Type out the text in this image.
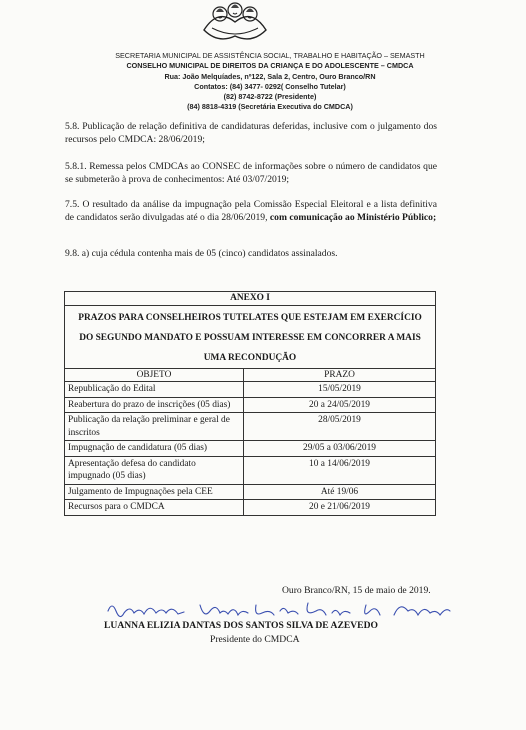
SECRETARIA MUNICIPAL DE ASSISTÊNCIA SOCIAL, TRABALHO E HABITAÇÃO – SEMASTH
CONSELHO MUNICIPAL DE DIREITOS DA CRIANÇA E DO ADOLESCENTE – CMDCA
Rua: João Melquíades, nº122, Sala 2, Centro, Ouro Branco/RN
Contatos: (84) 3477- 0292( Conselho Tutelar)
(82) 8742-8722 (Presidente)
(84) 8818-4319 (Secretária Executiva do CMDCA)
5.8. Publicação de relação definitiva de candidaturas deferidas, inclusive com o julgamento dos recursos pelo CMDCA: 28/06/2019;
5.8.1. Remessa pelos CMDCAs ao CONSEC de informações sobre o número de candidatos que se submeterão à prova de conhecimentos: Até 03/07/2019;
7.5. O resultado da análise da impugnação pela Comissão Especial Eleitoral e a lista definitiva de candidatos serão divulgadas até o dia 28/06/2019, com comunicação ao Ministério Público;
9.8. a) cuja cédula contenha mais de 05 (cinco) candidatos assinalados.
ANEXO I	
PRAZOS PARA CONSELHEIROS TUTELATES QUE ESTEJAM EM EXERCÍCIO DO SEGUNDO MANDATO E POSSUAM INTERESSE EM CONCORRER A MAIS UMA RECONDUÇÃO	
OBJETO	PRAZO
Republicação do Edital	15/05/2019
Reabertura do prazo de inscrições (05 dias)	20 a 24/05/2019
Publicação da relação preliminar e geral de inscritos	28/05/2019
Impugnação de candidatura (05 dias)	29/05 a 03/06/2019
Apresentação defesa do candidato impugnado (05 dias)	10 a 14/06/2019
Julgamento de Impugnações pela CEE	Até 19/06
Recursos para o CMDCA	20 e 21/06/2019
Ouro Branco/RN, 15 de maio de 2019.
LUANNA ELIZIA DANTAS DOS SANTOS SILVA DE AZEVEDO
Presidente do CMDCA
